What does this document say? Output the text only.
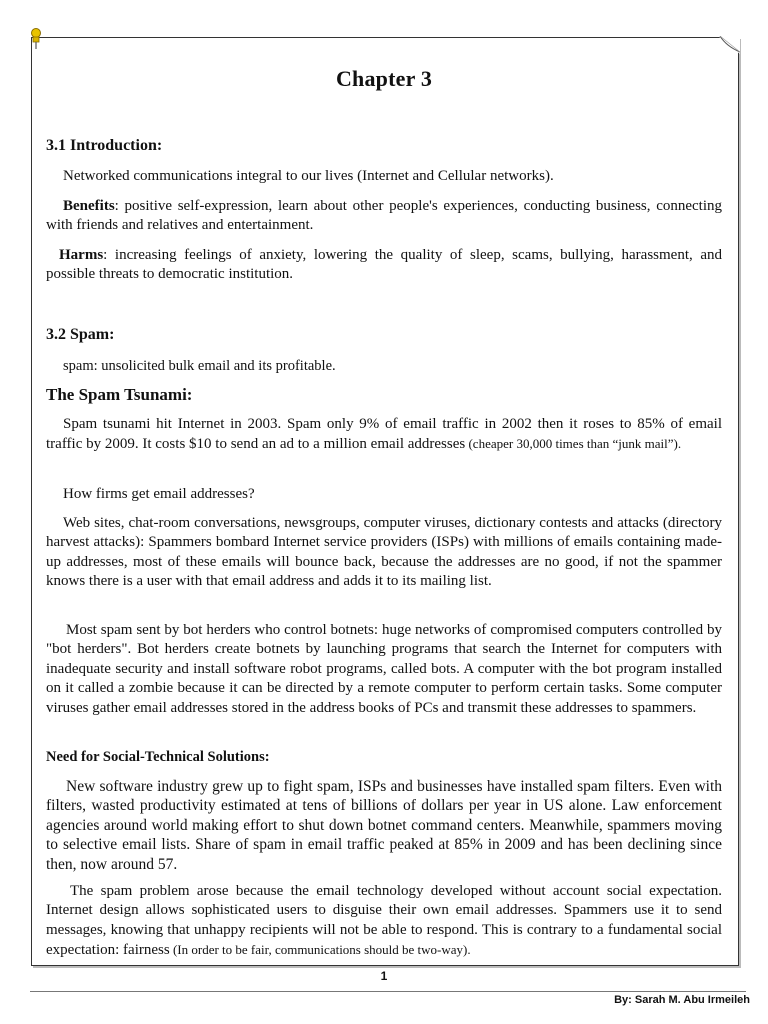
Chapter 3
3.1 Introduction:

Networked communications integral to our lives (Internet and Cellular networks).

Benefits: positive self-expression, learn about other people's experiences, conducting business, connecting with friends and relatives and entertainment.

Harms: increasing feelings of anxiety, lowering the quality of sleep, scams, bullying, harassment, and possible threats to democratic institution.

3.2 Spam:

spam: unsolicited bulk email and its profitable.

The Spam Tsunami:

Spam tsunami hit Internet in 2003. Spam only 9% of email traffic in 2002 then it roses to 85% of email traffic by 2009. It costs $10 to send an ad to a million email addresses (cheaper 30,000 times than “junk mail”).

How firms get email addresses?

Web sites, chat-room conversations, newsgroups, computer viruses, dictionary contests and attacks (directory harvest attacks): Spammers bombard Internet service providers (ISPs) with millions of emails containing made-up addresses, most of these emails will bounce back, because the addresses are no good, if not the spammer knows there is a user with that email address and adds it to its mailing list.

Most spam sent by bot herders who control botnets: huge networks of compromised computers controlled by "bot herders". Bot herders create botnets by launching programs that search the Internet for computers with inadequate security and install software robot programs, called bots. A computer with the bot program installed on it called a zombie because it can be directed by a remote computer to perform certain tasks. Some computer viruses gather email addresses stored in the address books of PCs and transmit these addresses to spammers.

Need for Social-Technical Solutions:

New software industry grew up to fight spam, ISPs and businesses have installed spam filters. Even with filters, wasted productivity estimated at tens of billions of dollars per year in US alone. Law enforcement agencies around world making effort to shut down botnet command centers. Meanwhile, spammers moving to selective email lists. Share of spam in email traffic peaked at 85% in 2009 and has been declining since then, now around 57.

The spam problem arose because the email technology developed without account social expectation. Internet design allows sophisticated users to disguise their own email addresses. Spammers use it to send messages, knowing that unhappy recipients will not be able to respond. This is contrary to a fundamental social expectation: fairness (In order to be fair, communications should be two-way).

1
By: Sarah M. Abu Irmeileh
